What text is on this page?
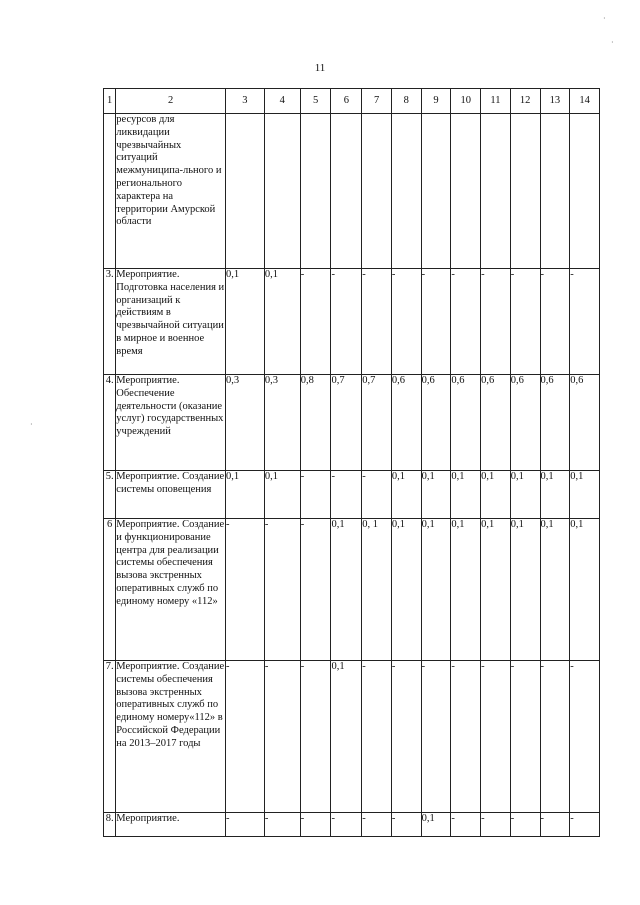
11
·
·
·
1	2	3	4	5	6	7	8	9	10	11	12	13	14
	ресурсов для ликвидации чрезвычайных ситуаций межмуниципа-льного и регионального характера на территории Амурской области												
3.	Мероприятие. Подготовка населения и организаций к действиям в чрезвычайной ситуации в мирное и военное время	0,1	0,1	-	-	-	-	-	-	-	-	-	-
4.	Мероприятие. Обеспечение деятельности (оказание услуг) государственных учреждений	0,3	0,3	0,8	0,7	0,7	0,6	0,6	0,6	0,6	0,6	0,6	0,6
5.	Мероприятие. Создание системы оповещения	0,1	0,1	-	-	-	0,1	0,1	0,1	0,1	0,1	0,1	0,1
6	Мероприятие. Создание и функционирование центра для реализации системы обеспечения вызова экстренных оперативных служб по единому номеру «112»	-	-	-	0,1	0, 1	0,1	0,1	0,1	0,1	0,1	0,1	0,1
7.	Мероприятие. Создание системы обеспечения вызова экстренных оперативных служб по единому номеру«112» в Российской Федерации на 2013–2017 годы	-	-	-	0,1	-	-	-	-	-	-	-	-
8.	Мероприятие.	-	-	-	-	-	-	0,1	-	-	-	-	-
